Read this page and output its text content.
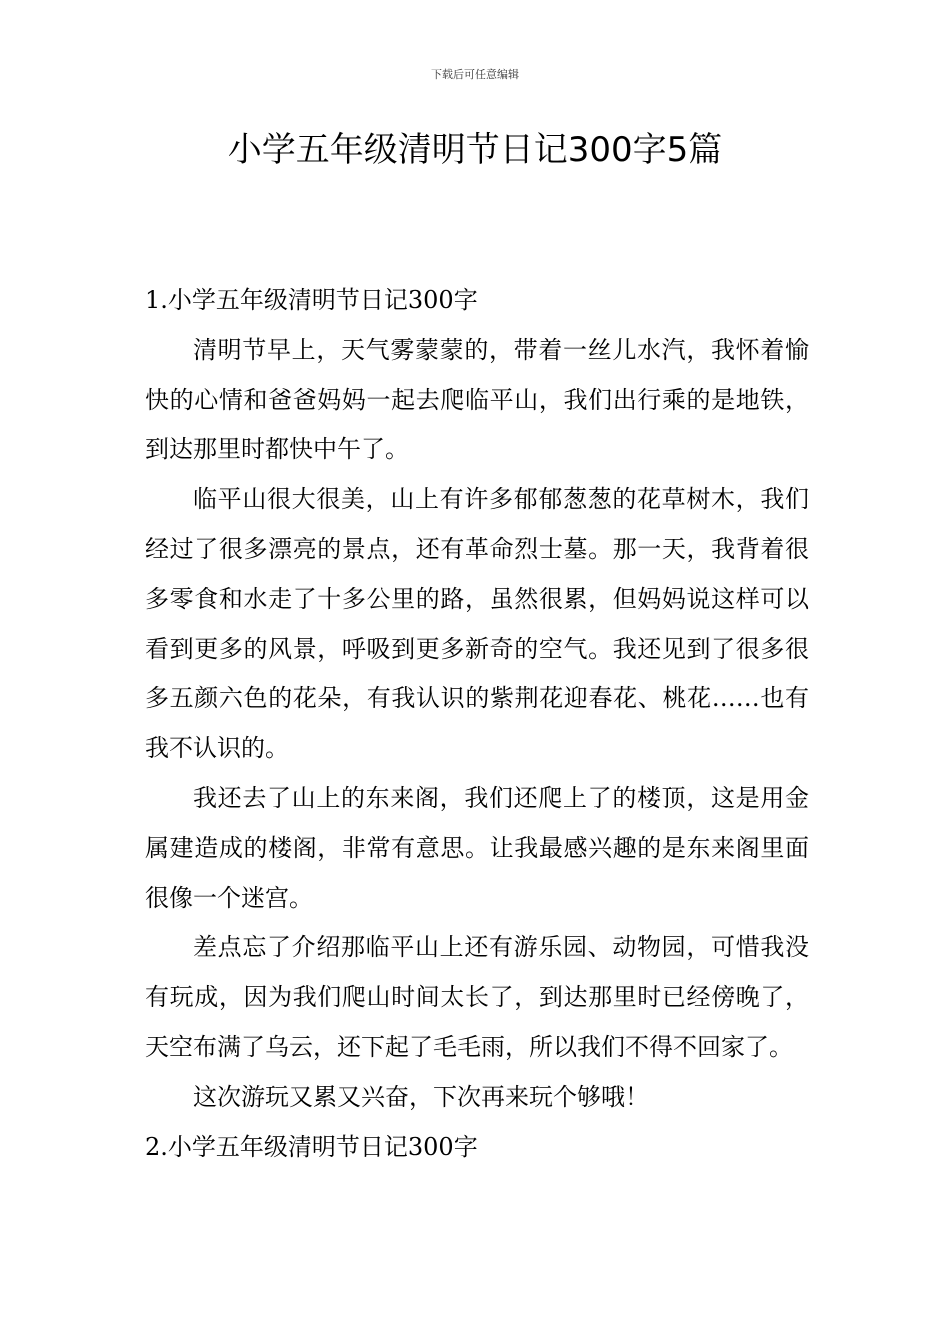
下载后可任意编辑
小学五年级清明节日记300字5篇

1.小学五年级清明节日记300字

清明节早上，天气雾蒙蒙的，带着一丝儿水汽，我怀着愉快的心情和爸爸妈妈一起去爬临平山，我们出行乘的是地铁，到达那里时都快中午了。

临平山很大很美，山上有许多郁郁葱葱的花草树木，我们经过了很多漂亮的景点，还有革命烈士墓。那一天，我背着很多零食和水走了十多公里的路，虽然很累，但妈妈说这样可以看到更多的风景，呼吸到更多新奇的空气。我还见到了很多很多五颜六色的花朵，有我认识的紫荆花迎春花、桃花……也有我不认识的。

我还去了山上的东来阁，我们还爬上了的楼顶，这是用金属建造成的楼阁，非常有意思。让我最感兴趣的是东来阁里面很像一个迷宫。

差点忘了介绍那临平山上还有游乐园、动物园，可惜我没有玩成，因为我们爬山时间太长了，到达那里时已经傍晚了，天空布满了乌云，还下起了毛毛雨，所以我们不得不回家了。

这次游玩又累又兴奋，下次再来玩个够哦！

2.小学五年级清明节日记300字
